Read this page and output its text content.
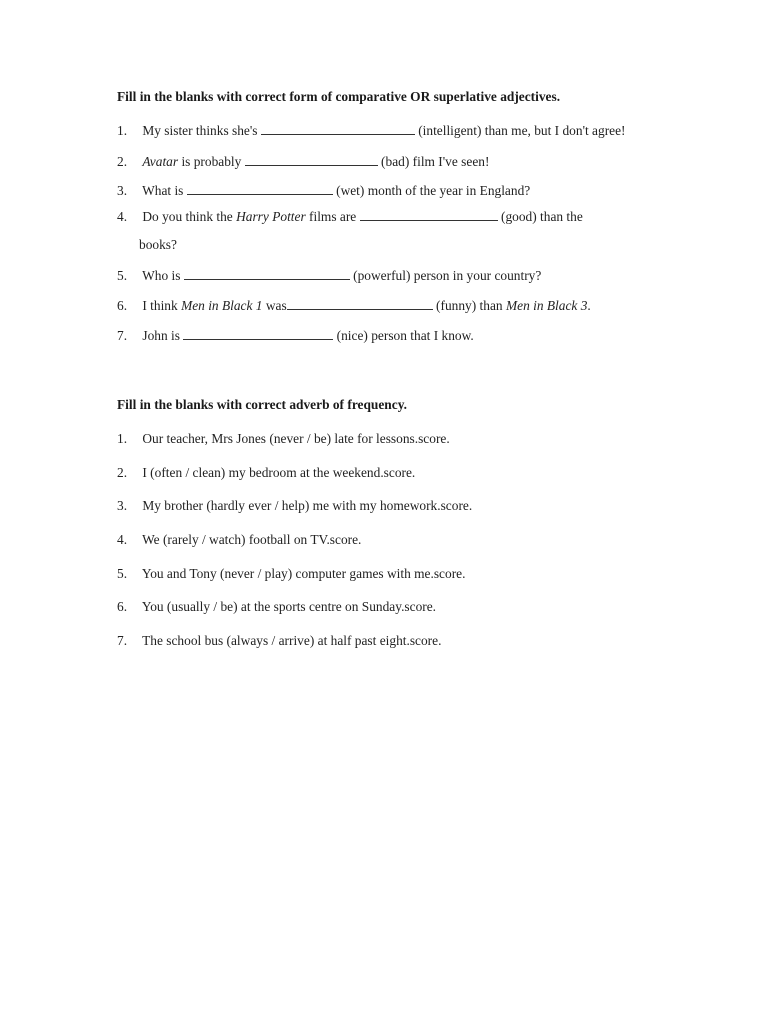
Fill in the blanks with correct form of comparative OR superlative adjectives.
1. My sister thinks she's	(intelligent) than me, but I don't agree!
2. Avatar is probably	(bad) film I've seen!
3. What is	(wet) month of the year in England?
4. Do you think the Harry Potter films are	(good) than the
books?
5. Who is	(powerful) person in your country?
6. I think Men in Black 1 was	(funny) than Men in Black 3.
7. John is	(nice) person that I know.
Fill in the blanks with correct adverb of frequency.
1. Our teacher, Mrs Jones (never / be) late for lessons.score.
2. I (often / clean) my bedroom at the weekend.score.
3. My brother (hardly ever / help) me with my homework.score.
4. We (rarely / watch) football on TV.score.
5. You and Tony (never / play) computer games with me.score.
6. You (usually / be) at the sports centre on Sunday.score.
7. The school bus (always / arrive) at half past eight.score.
